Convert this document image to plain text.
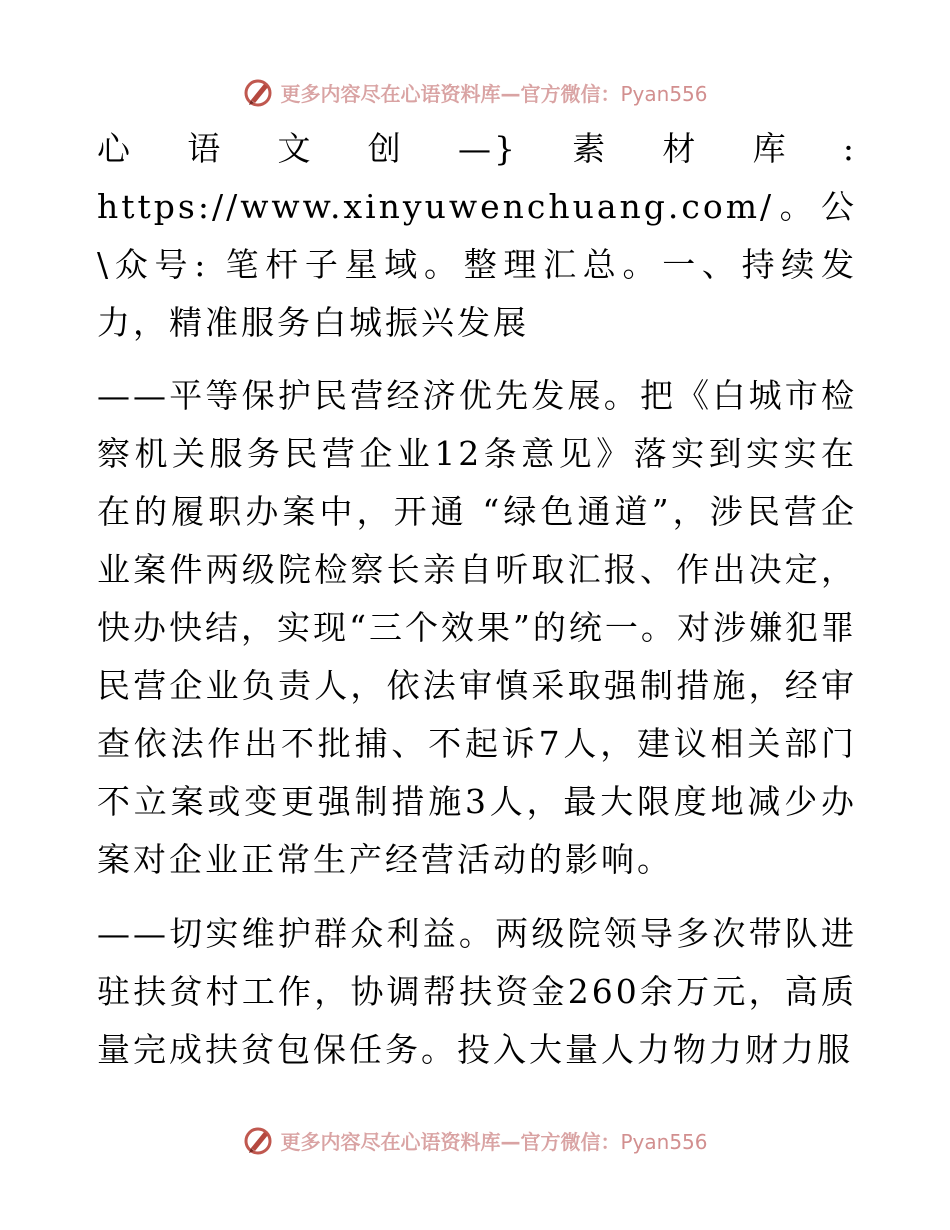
更多内容尽在心语资料库—官方微信：Pyan556

心语文创—}素材库: https://www.xinyuwenchuang.com/。公\众号: 笔杆子星域。整理汇总。一、持续发力，精准服务白城振兴发展

——平等保护民营经济优先发展。把《白城市检察机关服务民营企业12条意见》落实到实实在在的履职办案中，开通 “绿色通道”，涉民营企业案件两级院检察长亲自听取汇报、作出决定，快办快结，实现“三个效果”的统一。对涉嫌犯罪民营企业负责人，依法审慎采取强制措施，经审查依法作出不批捕、不起诉7人，建议相关部门不立案或变更强制措施3人，最大限度地减少办案对企业正常生产经营活动的影响。

——切实维护群众利益。两级院领导多次带队进驻扶贫村工作，协调帮扶资金260余万元，高质量完成扶贫包保任务。投入大量人力物力财力服

更多内容尽在心语资料库—官方微信：Pyan556
